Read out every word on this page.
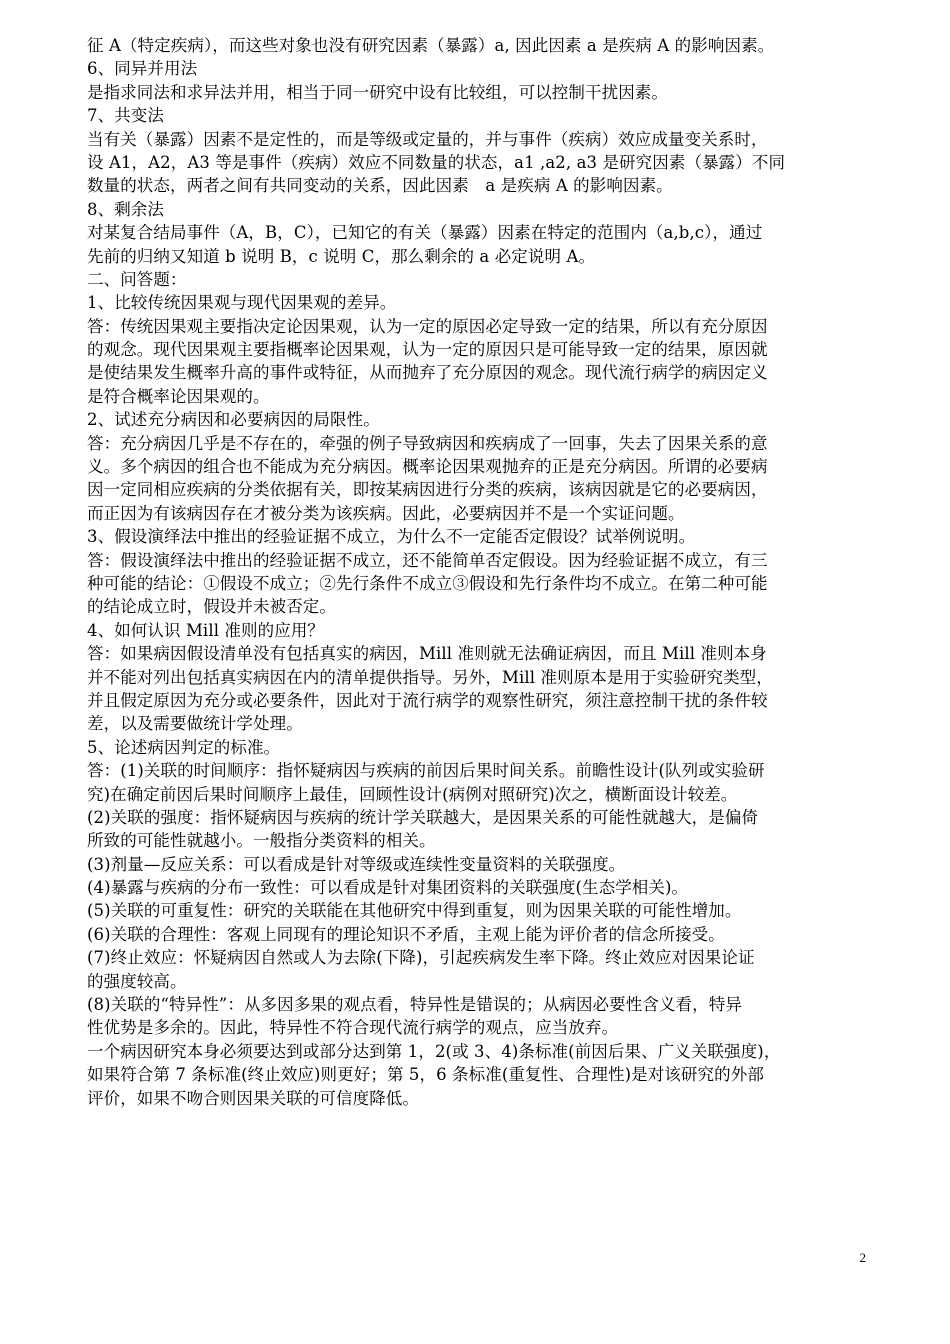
征 A（特定疾病），而这些对象也没有研究因素（暴露）a, 因此因素 a 是疾病 A 的影响因素。
6、同异并用法
是指求同法和求异法并用，相当于同一研究中设有比较组，可以控制干扰因素。
7、共变法
当有关（暴露）因素不是定性的，而是等级或定量的，并与事件（疾病）效应成量变关系时，
设 A1，A2，A3 等是事件（疾病）效应不同数量的状态，a1 ,a2, a3 是研究因素（暴露）不同
数量的状态，两者之间有共同变动的关系，因此因素　a 是疾病 A 的影响因素。
8、剩余法
对某复合结局事件（A，B，C），已知它的有关（暴露）因素在特定的范围内（a,b,c），通过
先前的归纳又知道 b 说明 B，c 说明 C，那么剩余的 a 必定说明 A。
二、问答题：
1、比较传统因果观与现代因果观的差异。
答：传统因果观主要指决定论因果观，认为一定的原因必定导致一定的结果，所以有充分原因
的观念。现代因果观主要指概率论因果观，认为一定的原因只是可能导致一定的结果，原因就
是使结果发生概率升高的事件或特征，从而抛弃了充分原因的观念。现代流行病学的病因定义
是符合概率论因果观的。
2、试述充分病因和必要病因的局限性。
答：充分病因几乎是不存在的，牵强的例子导致病因和疾病成了一回事，失去了因果关系的意
义。多个病因的组合也不能成为充分病因。概率论因果观抛弃的正是充分病因。所谓的必要病
因一定同相应疾病的分类依据有关，即按某病因进行分类的疾病，该病因就是它的必要病因，
而正因为有该病因存在才被分类为该疾病。因此，必要病因并不是一个实证问题。
3、假设演绎法中推出的经验证据不成立，为什么不一定能否定假设？试举例说明。
答：假设演绎法中推出的经验证据不成立，还不能简单否定假设。因为经验证据不成立，有三
种可能的结论：①假设不成立；②先行条件不成立③假设和先行条件均不成立。在第二种可能
的结论成立时，假设并未被否定。
4、如何认识 Mill 准则的应用？
答：如果病因假设清单没有包括真实的病因，Mill 准则就无法确证病因，而且 Mill 准则本身
并不能对列出包括真实病因在内的清单提供指导。另外，Mill 准则原本是用于实验研究类型，
并且假定原因为充分或必要条件，因此对于流行病学的观察性研究，须注意控制干扰的条件较
差，以及需要做统计学处理。
5、论述病因判定的标准。
答：(1)关联的时间顺序：指怀疑病因与疾病的前因后果时间关系。前瞻性设计(队列或实验研
究)在确定前因后果时间顺序上最佳，回顾性设计(病例对照研究)次之，横断面设计较差。
(2)关联的强度：指怀疑病因与疾病的统计学关联越大，是因果关系的可能性就越大，是偏倚
所致的可能性就越小。一般指分类资料的相关。
(3)剂量—反应关系：可以看成是针对等级或连续性变量资料的关联强度。
(4)暴露与疾病的分布一致性：可以看成是针对集团资料的关联强度(生态学相关)。
(5)关联的可重复性：研究的关联能在其他研究中得到重复，则为因果关联的可能性增加。
(6)关联的合理性：客观上同现有的理论知识不矛盾，主观上能为评价者的信念所接受。
(7)终止效应：怀疑病因自然或人为去除(下降)，引起疾病发生率下降。终止效应对因果论证
的强度较高。
(8)关联的“特异性”：从多因多果的观点看，特异性是错误的；从病因必要性含义看，特异
性优势是多余的。因此，特异性不符合现代流行病学的观点，应当放弃。
一个病因研究本身必须要达到或部分达到第 1，2(或 3、4)条标准(前因后果、广义关联强度)，
如果符合第 7 条标准(终止效应)则更好；第 5，6 条标准(重复性、合理性)是对该研究的外部
评价，如果不吻合则因果关联的可信度降低。
2
